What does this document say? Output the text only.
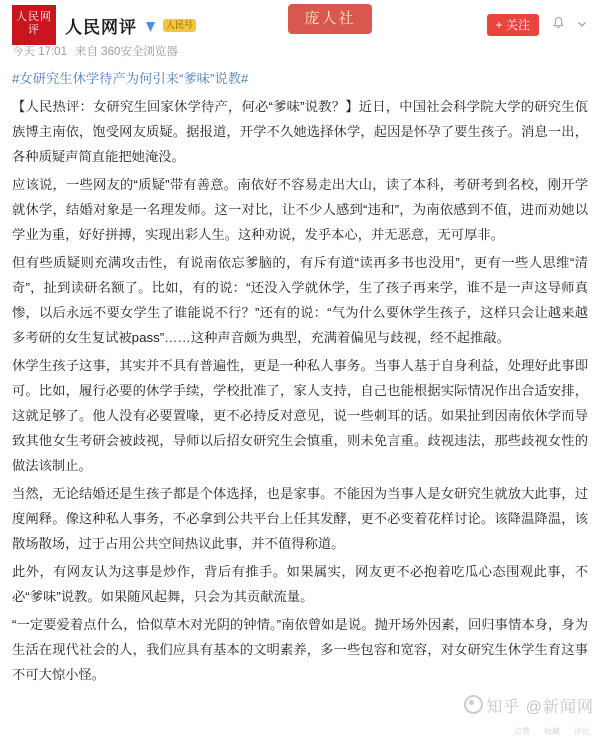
人民网评	人民网评	人民号	+ 关注
今天 17:01 来自 360安全浏览器

#女研究生休学待产为何引来“爹味”说教#

【人民热评：女研究生回家休学待产，何必“爹味”说教？】近日，中国社会科学院大学的研究生佤族博主南依，饱受网友质疑。据报道，开学不久她选择休学，起因是怀孕了要生孩子。消息一出，各种质疑声简直能把她淹没。

应该说，一些网友的“质疑”带有善意。南依好不容易走出大山，读了本科，考研考到名校，刚开学就休学，结婚对象是一名理发师。这一对比，让不少人感到“违和”，为南依感到不值，进而劝她以学业为重，好好拼搏，实现出彩人生。这种劝说，发乎本心，并无恶意，无可厚非。

但有些质疑则充满攻击性，有说南依忘爹脑的，有斥有道“读再多书也没用”，更有一些人思维“清奇”，扯到读研名额了。比如，有的说：“还没入学就休学，生了孩子再来学，谁不是一声这导师真惨，以后永远不要女学生了谁能说不行？”还有的说：“气为什么要休学生孩子，这样只会让越来越多考研的女生复试被pass”……这种声音颇为典型，充满着偏见与歧视，经不起推敲。

休学生孩子这事，其实并不具有普遍性，更是一种私人事务。当事人基于自身利益，处理好此事即可。比如，履行必要的休学手续，学校批准了，家人支持，自己也能根据实际情况作出合适安排，这就足够了。他人没有必要置喙，更不必持反对意见，说一些刺耳的话。如果扯到因南依休学而导致其他女生考研会被歧视，导师以后招女研究生会慎重，则未免言重。歧视违法，那些歧视女性的做法该制止。

当然，无论结婚还是生孩子都是个体选择，也是家事。不能因为当事人是女研究生就放大此事，过度阐释。像这种私人事务，不必拿到公共平台上任其发酵，更不必变着花样讨论。该降温降温，该散场散场，过于占用公共空间热议此事，并不值得称道。

此外，有网友认为这事是炒作，背后有推手。如果属实，网友更不必抱着吃瓜心态围观此事，不必“爹味”说教。如果随风起舞，只会为其贡献流量。

“一定要爱着点什么，恰似草木对光阴的钟情。”南依曾如是说。抛开场外因素，回归事情本身，身为生活在现代社会的人，我们应具有基本的文明素养，多一些包容和宽容，对女研究生休学生育这事不可大惊小怪。

庞人社
知乎 @新闻网
点赞 收藏 评论
